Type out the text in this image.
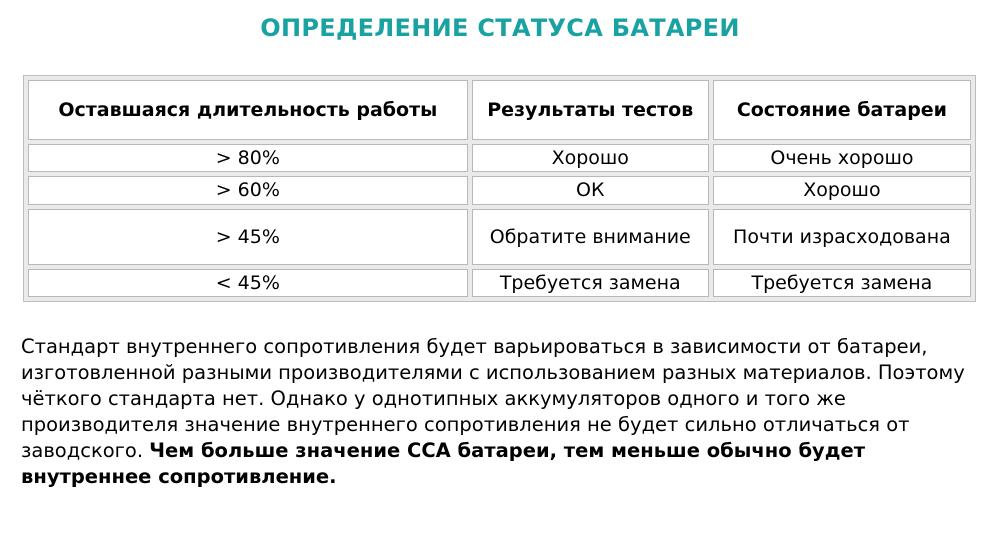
ОПРЕДЕЛЕНИЕ СТАТУСА БАТАРЕИ
Оставшаяся длительность работы	Результаты тестов	Состояние батареи
> 80%	Хорошо	Очень хорошо
> 60%	ОК	Хорошо
> 45%	Обратите внимание	Почти израсходована
< 45%	Требуется замена	Требуется замена

Стандарт внутреннего сопротивления будет варьироваться в зависимости от батареи, изготовленной разными производителями с использованием разных материалов. Поэтому чёткого стандарта нет. Однако у однотипных аккумуляторов одного и того же производителя значение внутреннего сопротивления не будет сильно отличаться от заводского. Чем больше значение CCA батареи, тем меньше обычно будет внутреннее сопротивление.
